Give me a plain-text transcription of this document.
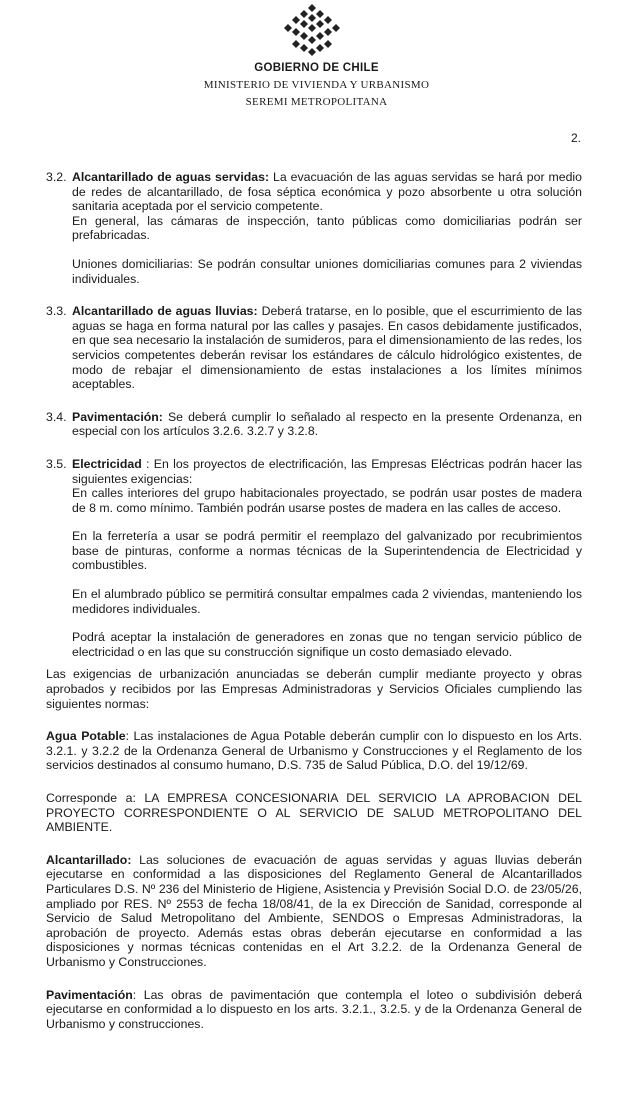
GOBIERNO DE CHILE
MINISTERIO DE VIVIENDA Y URBANISMO
SEREMI METROPOLITANA
2.
3.2. Alcantarillado de aguas servidas: La evacuación de las aguas servidas se hará por medio de redes de alcantarillado, de fosa séptica económica y pozo absorbente u otra solución sanitaria aceptada por el servicio competente.

En general, las cámaras de inspección, tanto públicas como domiciliarias podrán ser prefabricadas.

Uniones domiciliarias: Se podrán consultar uniones domiciliarias comunes para 2 viviendas individuales.

3.3. Alcantarillado de aguas lluvias: Deberá tratarse, en lo posible, que el escurrimiento de las aguas se haga en forma natural por las calles y pasajes. En casos debidamente justificados, en que sea necesario la instalación de sumideros, para el dimensionamiento de las redes, los servicios competentes deberán revisar los estándares de cálculo hidrológico existentes, de modo de rebajar el dimensionamiento de estas instalaciones a los límites mínimos aceptables.

3.4. Pavimentación: Se deberá cumplir lo señalado al respecto en la presente Ordenanza, en especial con los artículos 3.2.6. 3.2.7 y 3.2.8.

3.5. Electricidad : En los proyectos de electrificación, las Empresas Eléctricas podrán hacer las siguientes exigencias:

En calles interiores del grupo habitacionales proyectado, se podrán usar postes de madera de 8 m. como mínimo. También podrán usarse postes de madera en las calles de acceso.

En la ferretería a usar se podrá permitir el reemplazo del galvanizado por recubrimientos base de pinturas, conforme a normas técnicas de la Superintendencia de Electricidad y combustibles.

En el alumbrado público se permitirá consultar empalmes cada 2 viviendas, manteniendo los medidores individuales.

Podrá aceptar la instalación de generadores en zonas que no tengan servicio público de electricidad o en las que su construcción signifique un costo demasiado elevado.

Las exigencias de urbanización anunciadas se deberán cumplir mediante proyecto y obras aprobados y recibidos por las Empresas Administradoras y Servicios Oficiales cumpliendo las siguientes normas:

Agua Potable: Las instalaciones de Agua Potable deberán cumplir con lo dispuesto en los Arts. 3.2.1. y 3.2.2 de la Ordenanza General de Urbanismo y Construcciones y el Reglamento de los servicios destinados al consumo humano, D.S. 735 de Salud Pública, D.O. del 19/12/69.

Corresponde a: LA EMPRESA CONCESIONARIA DEL SERVICIO LA APROBACION DEL PROYECTO CORRESPONDIENTE O AL SERVICIO DE SALUD METROPOLITANO DEL AMBIENTE.

Alcantarillado: Las soluciones de evacuación de aguas servidas y aguas lluvias deberán ejecutarse en conformidad a las disposiciones del Reglamento General de Alcantarillados Particulares D.S. Nº 236 del Ministerio de Higiene, Asistencia y Previsión Social D.O. de 23/05/26, ampliado por RES. Nº 2553 de fecha 18/08/41, de la ex Dirección de Sanidad, corresponde al Servicio de Salud Metropolitano del Ambiente, SENDOS o Empresas Administradoras, la aprobación de proyecto. Además estas obras deberán ejecutarse en conformidad a las disposiciones y normas técnicas contenidas en el Art 3.2.2. de la Ordenanza General de Urbanismo y Construcciones.

Pavimentación: Las obras de pavimentación que contempla el loteo o subdivisión deberá ejecutarse en conformidad a lo dispuesto en los arts. 3.2.1., 3.2.5. y de la Ordenanza General de Urbanismo y construcciones.
